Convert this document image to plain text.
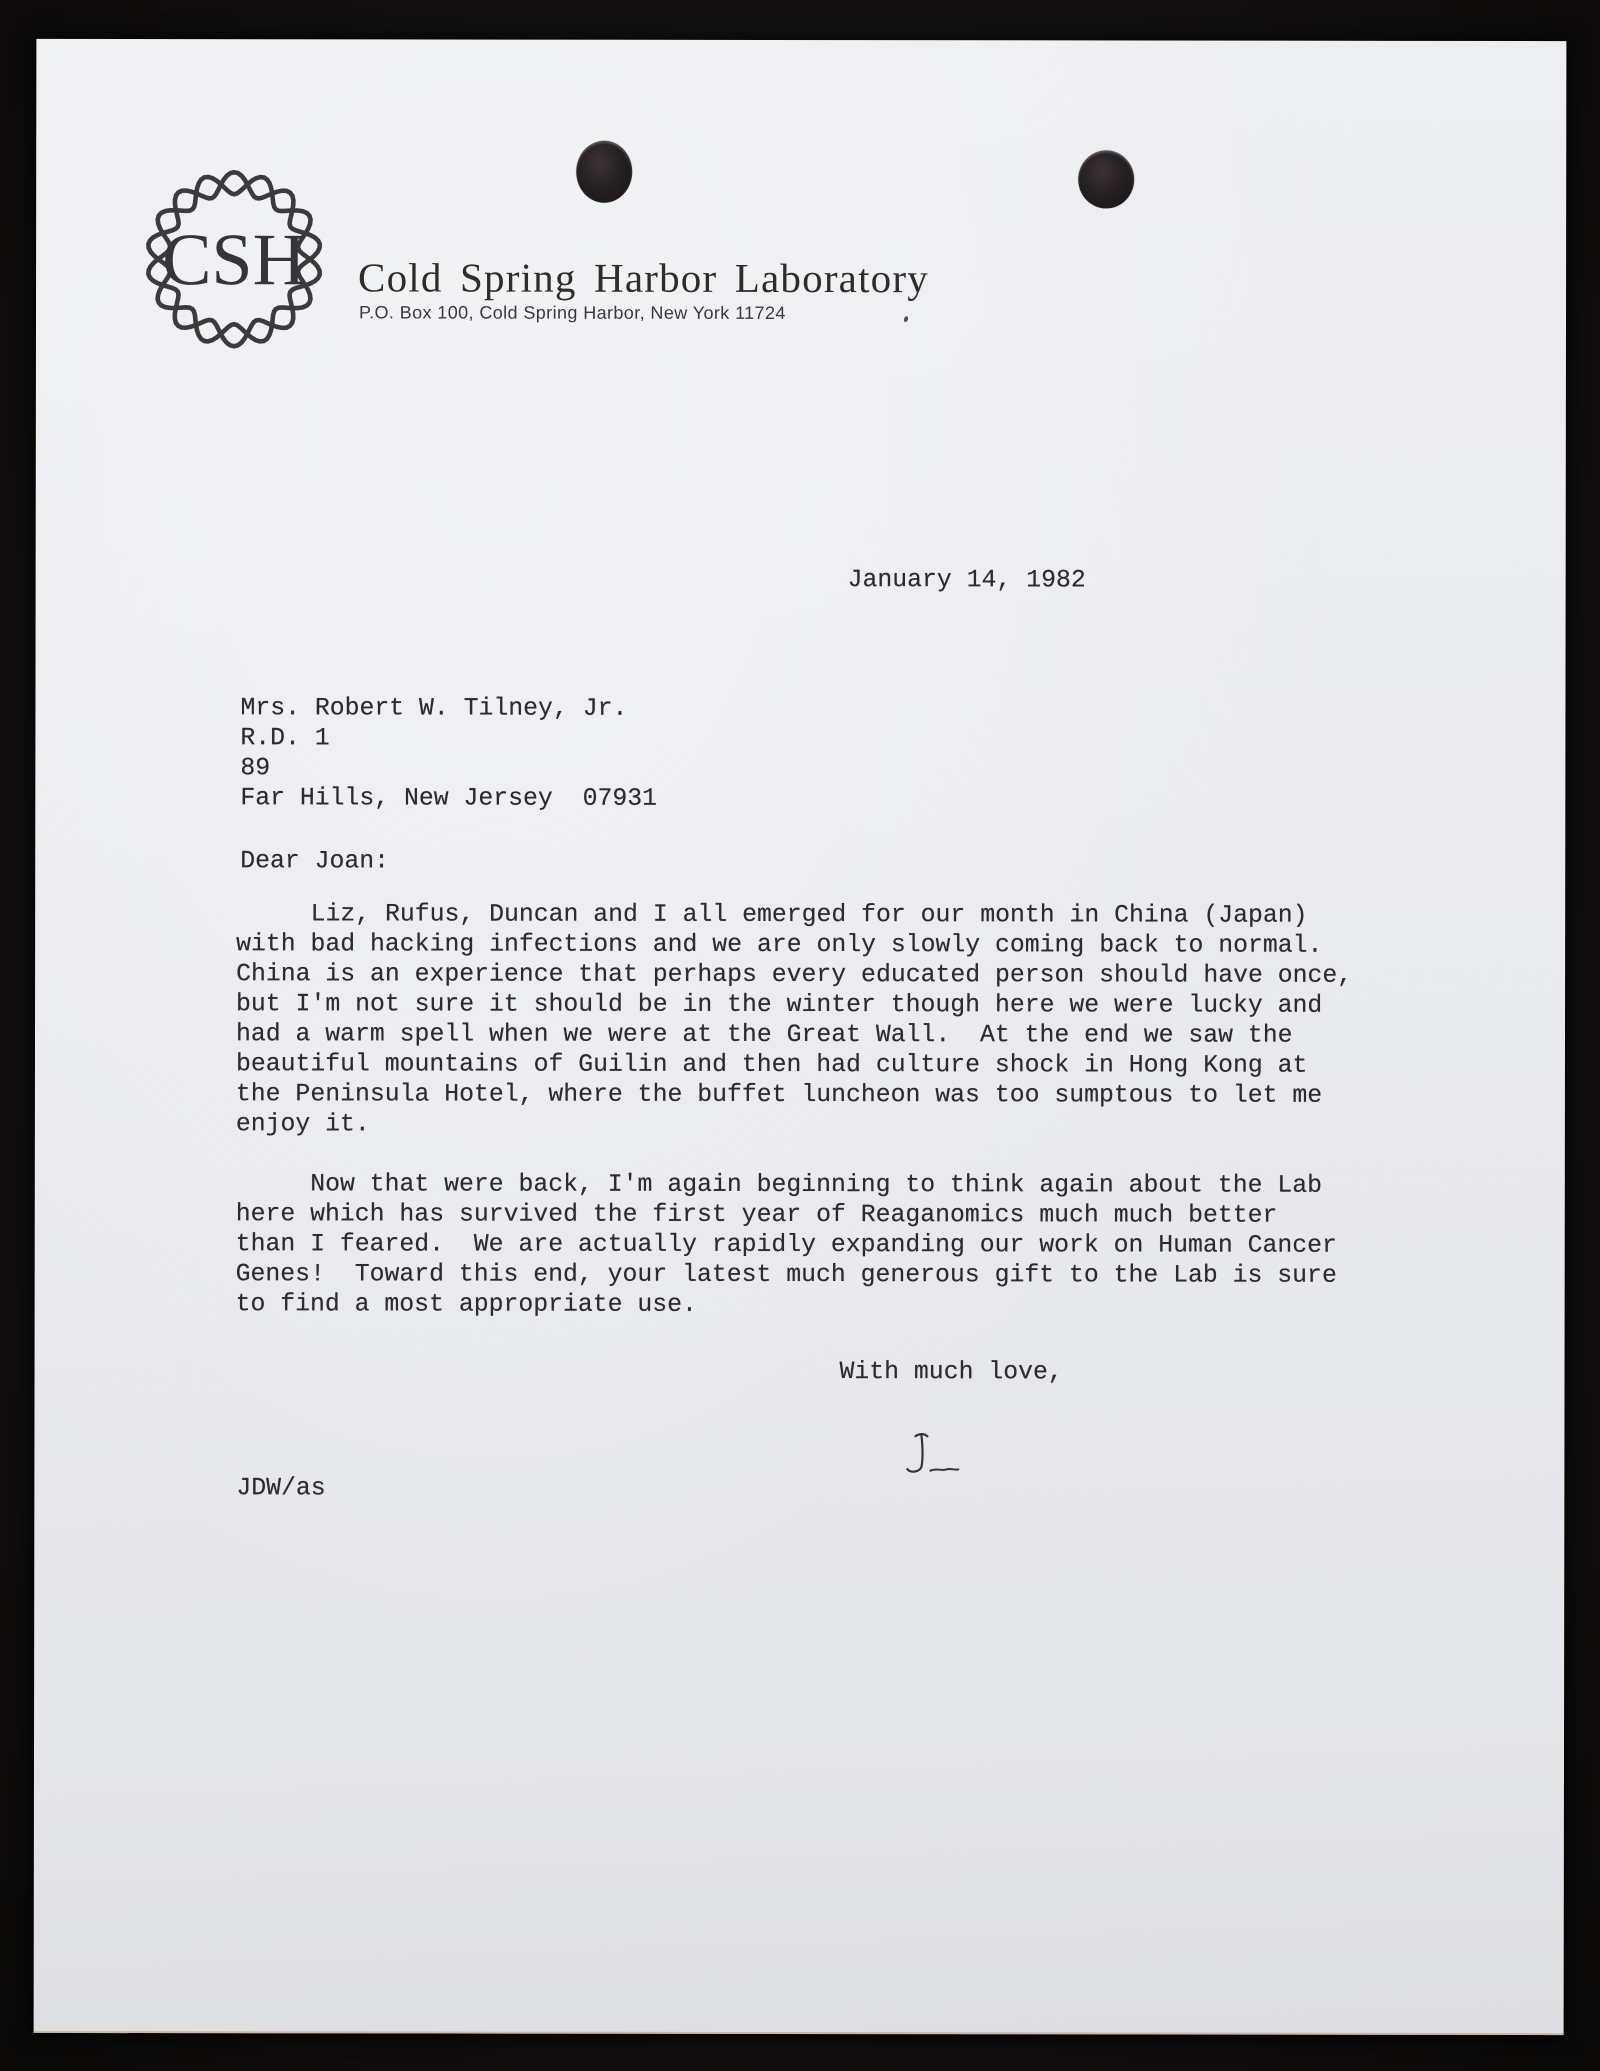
CSH	Cold Spring Harbor Laboratory
P.O. Box 100, Cold Spring Harbor, New York 11724
January 14, 1982
Mrs. Robert W. Tilney, Jr.
R.D. 1
89
Far Hills, New Jersey  07931
Dear Joan:
Liz, Rufus, Duncan and I all emerged for our month in China (Japan)
with bad hacking infections and we are only slowly coming back to normal.
China is an experience that perhaps every educated person should have once,
but I'm not sure it should be in the winter though here we were lucky and
had a warm spell when we were at the Great Wall.  At the end we saw the
beautiful mountains of Guilin and then had culture shock in Hong Kong at
the Peninsula Hotel, where the buffet luncheon was too sumptous to let me
enjoy it.
Now that were back, I'm again beginning to think again about the Lab
here which has survived the first year of Reaganomics much much better
than I feared.  We are actually rapidly expanding our work on Human Cancer
Genes!  Toward this end, your latest much generous gift to the Lab is sure
to find a most appropriate use.
With much love,
JDW/as
